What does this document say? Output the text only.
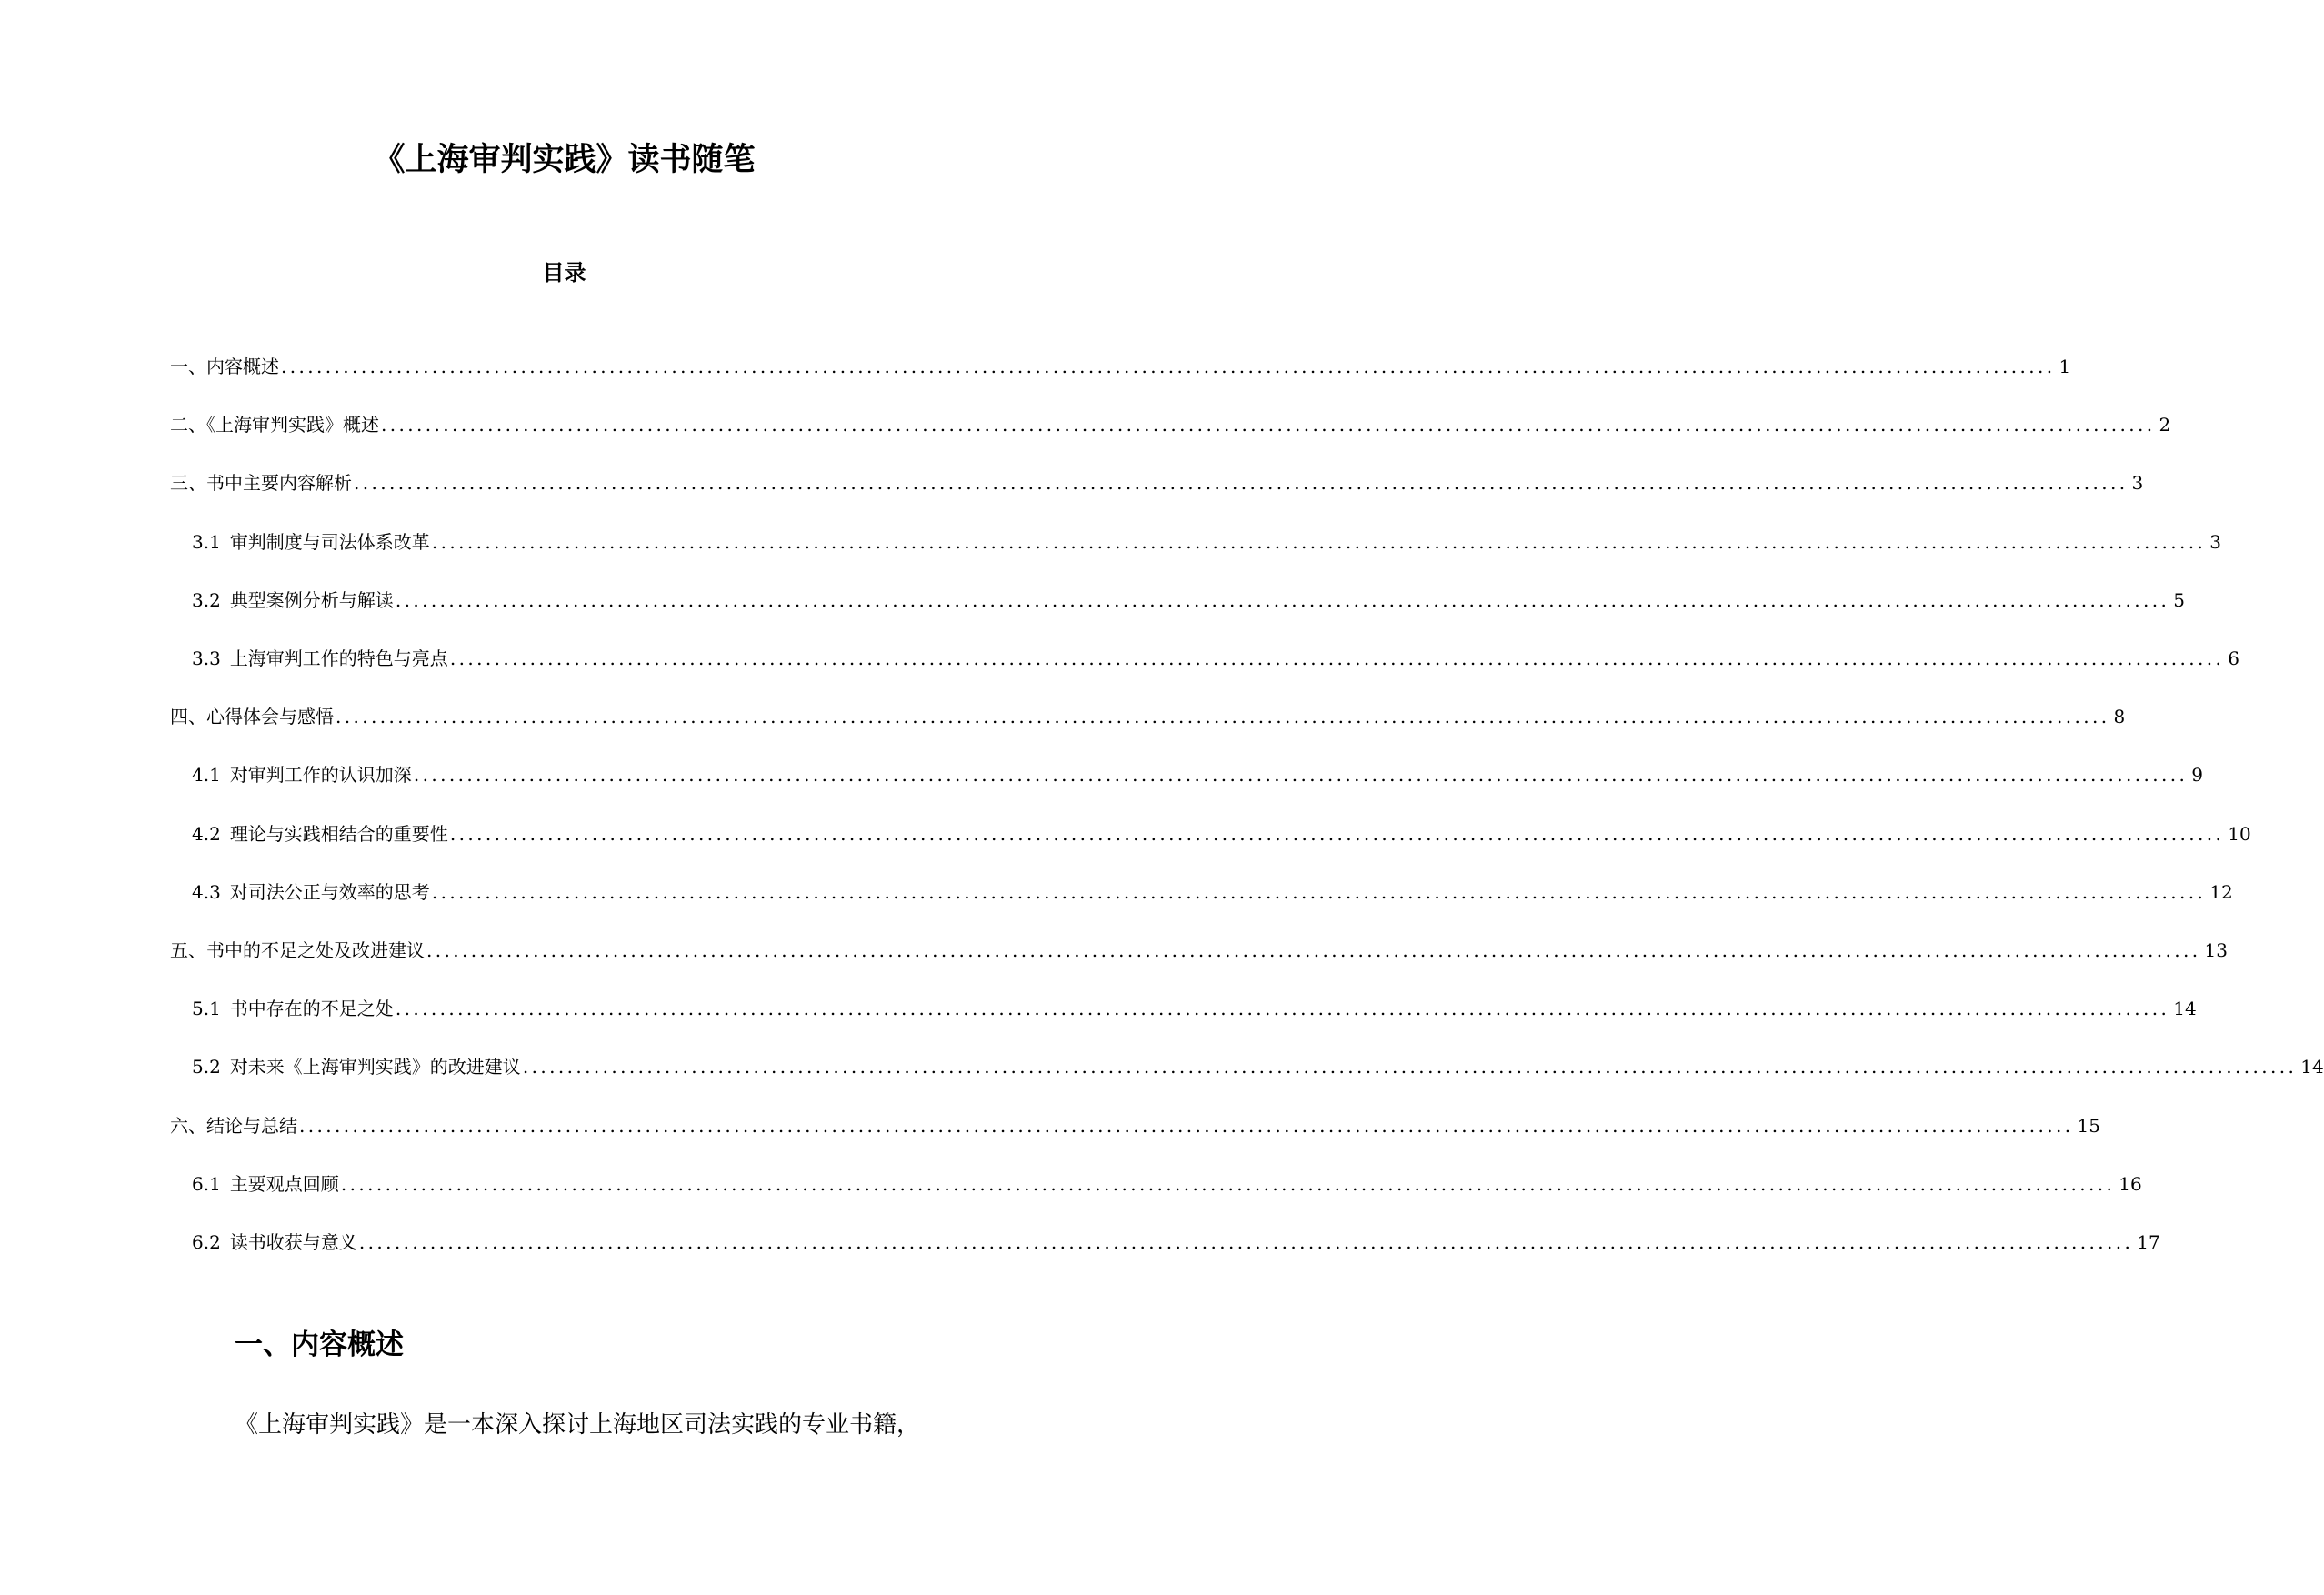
《上海审判实践》读书随笔
目录
一、内容概述 ........................................................................................................................................................................................................ 1
二、《上海审判实践》概述 ........................................................................................................................................................................................................ 2
三、书中主要内容解析 ........................................................................................................................................................................................................ 3
3.1 审判制度与司法体系改革 ........................................................................................................................................................................................................ 3
3.2 典型案例分析与解读 ........................................................................................................................................................................................................ 5
3.3 上海审判工作的特色与亮点 ........................................................................................................................................................................................................ 6
四、心得体会与感悟 ........................................................................................................................................................................................................ 8
4.1 对审判工作的认识加深 ........................................................................................................................................................................................................ 9
4.2 理论与实践相结合的重要性 ........................................................................................................................................................................................................ 10
4.3 对司法公正与效率的思考 ........................................................................................................................................................................................................ 12
五、书中的不足之处及改进建议 ........................................................................................................................................................................................................ 13
5.1 书中存在的不足之处 ........................................................................................................................................................................................................ 14
5.2 对未来《上海审判实践》的改进建议 ........................................................................................................................................................................................................ 14
六、结论与总结 ........................................................................................................................................................................................................ 15
6.1 主要观点回顾 ........................................................................................................................................................................................................ 16
6.2 读书收获与意义 ........................................................................................................................................................................................................ 17
一、内容概述
《上海审判实践》是一本深入探讨上海地区司法实践的专业书籍，
